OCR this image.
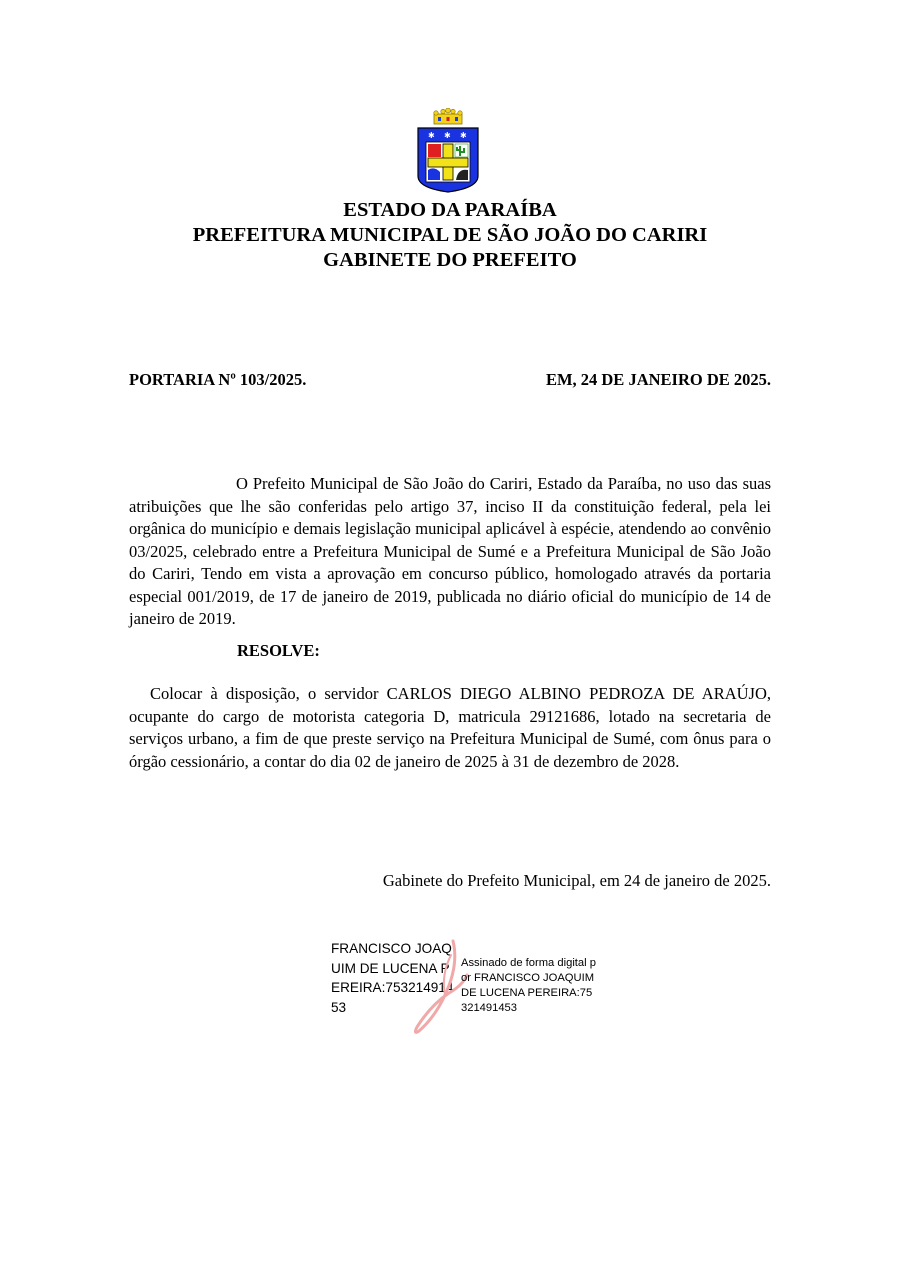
✱ ✱ ✱
ESTADO DA PARAÍBA
PREFEITURA MUNICIPAL DE SÃO JOÃO DO CARIRI
GABINETE DO PREFEITO
PORTARIA Nº 103/2025.	EM, 24 DE JANEIRO DE 2025.
O Prefeito Municipal de São João do Cariri, Estado da Paraíba, no uso das suas atribuições que lhe são conferidas pelo artigo 37, inciso II da constituição federal, pela lei orgânica do município e demais legislação municipal aplicável à espécie, atendendo ao convênio 03/2025, celebrado entre a Prefeitura Municipal de Sumé e a Prefeitura Municipal de São João do Cariri, Tendo em vista a aprovação em concurso público, homologado através da portaria especial 001/2019, de 17 de janeiro de 2019, publicada no diário oficial do município de 14 de janeiro de 2019.
RESOLVE:
Colocar à disposição, o servidor CARLOS DIEGO ALBINO PEDROZA DE ARAÚJO, ocupante do cargo de motorista categoria D, matricula 29121686, lotado na secretaria de serviços urbano, a fim de que preste serviço na Prefeitura Municipal de Sumé, com ônus para o órgão cessionário, a contar do dia 02 de janeiro de 2025 à 31 de dezembro de 2028.
Gabinete do Prefeito Municipal, em 24 de janeiro de 2025.
FRANCISCO JOAQUIM DE LUCENA PEREIRA:75321491453
Assinado de forma digital por FRANCISCO JOAQUIM DE LUCENA PEREIRA:75321491453
